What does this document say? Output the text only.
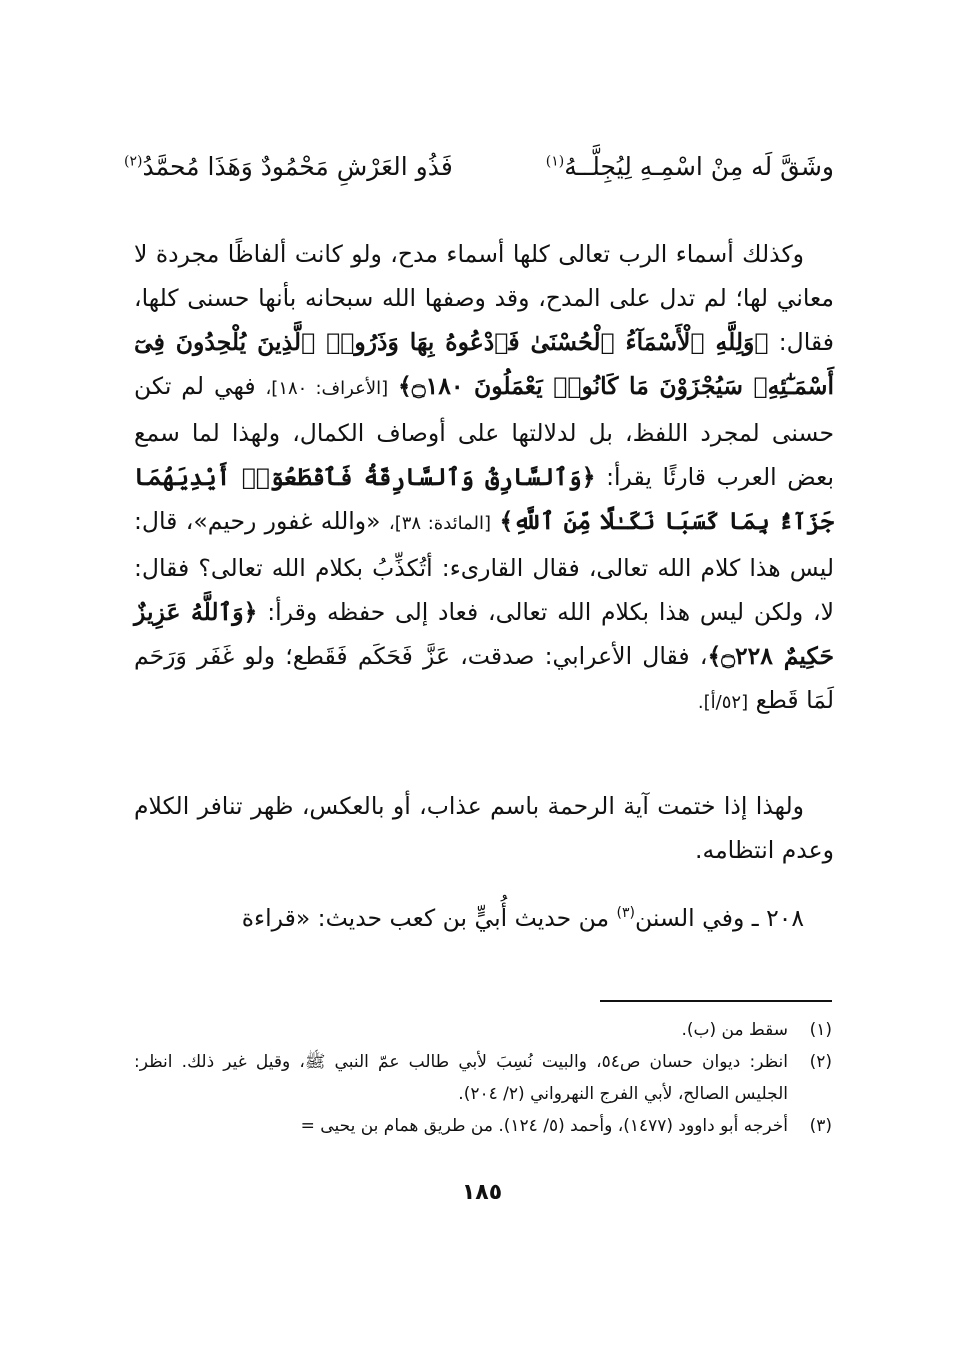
وشَقَّ لَه مِنْ اسْمِـهِ لِيُجِلَّــهُ$^{(١)}$
فَذُو العَرْشِ مَحْمُودٌ وَهَذَا مُحمَّدُ$^{(٢)}$
وكذلك أسماء الرب تعالى كلها أسماء مدح، ولو كانت ألفاظًا مجردة لا معاني لها؛ لم تدل على المدح، وقد وصفها الله سبحانه بأنها حسنى كلها، فقال: ﴿وَلِلَّهِ ٱلْأَسْمَآءُ ٱلْحُسْنَىٰ فَٱدْعُوهُ بِهَا وَذَرُوا۟ ٱلَّذِينَ يُلْحِدُونَ فِىٓ أَسْمَـٰٓئِهِۦ سَيُجْزَوْنَ مَا كَانُوا۟ يَعْمَلُونَ ۝١٨٠﴾ [الأعراف: ١٨٠]، فهي لم تكن حسنى لمجرد اللفظ، بل لدلالتها على أوصاف الكمال، ولهذا لما سمع بعض العرب قارئًا يقرأ: ﴿وَٱلسَّارِقُ وَٱلسَّارِقَةُ فَٱقْطَعُوٓا۟ أَيْدِيَهُمَا جَزَآءًۢ بِمَا كَسَبَا نَكَـٰلًا مِّنَ ٱللَّهِ﴾ [المائدة: ٣٨]، «والله غفور رحيم»، قال: ليس هذا كلام الله تعالى، فقال القارىء: أتُكذِّبُ بكلام الله تعالى؟ فقال: لا، ولكن ليس هذا بكلام الله تعالى، فعاد إلى حفظه وقرأ: ﴿وَٱللَّهُ عَزِيزٌ حَكِيمٌ ۝٢٢٨﴾، فقال الأعرابي: صدقت، عَزَّ فَحَكَم فَقَطع؛ ولو غَفَر وَرَحَم لَمَا قَطع [٥٢/أ].
ولهذا إذا ختمت آية الرحمة باسم عذاب، أو بالعكس، ظهر تنافر الكلام وعدم انتظامه.
٢٠٨ ـ وفي السنن$^{(٣)}$ من حديث أُبيٍّ بن كعب حديث: «قراءة
(١)
سقط من (ب).
(٢)
انظر: ديوان حسان ص٥٤، والبيت نُسِبَ لأبي طالب عمّ النبي ﷺ، وقيل غير ذلك. انظر: الجليس الصالح، لأبي الفرج النهرواني (٢/ ٢٠٤).
(٣)
أخرجه أبو داوود (١٤٧٧)، وأحمد (٥/ ١٢٤). من طريق همام بن يحيى =
١٨٥
